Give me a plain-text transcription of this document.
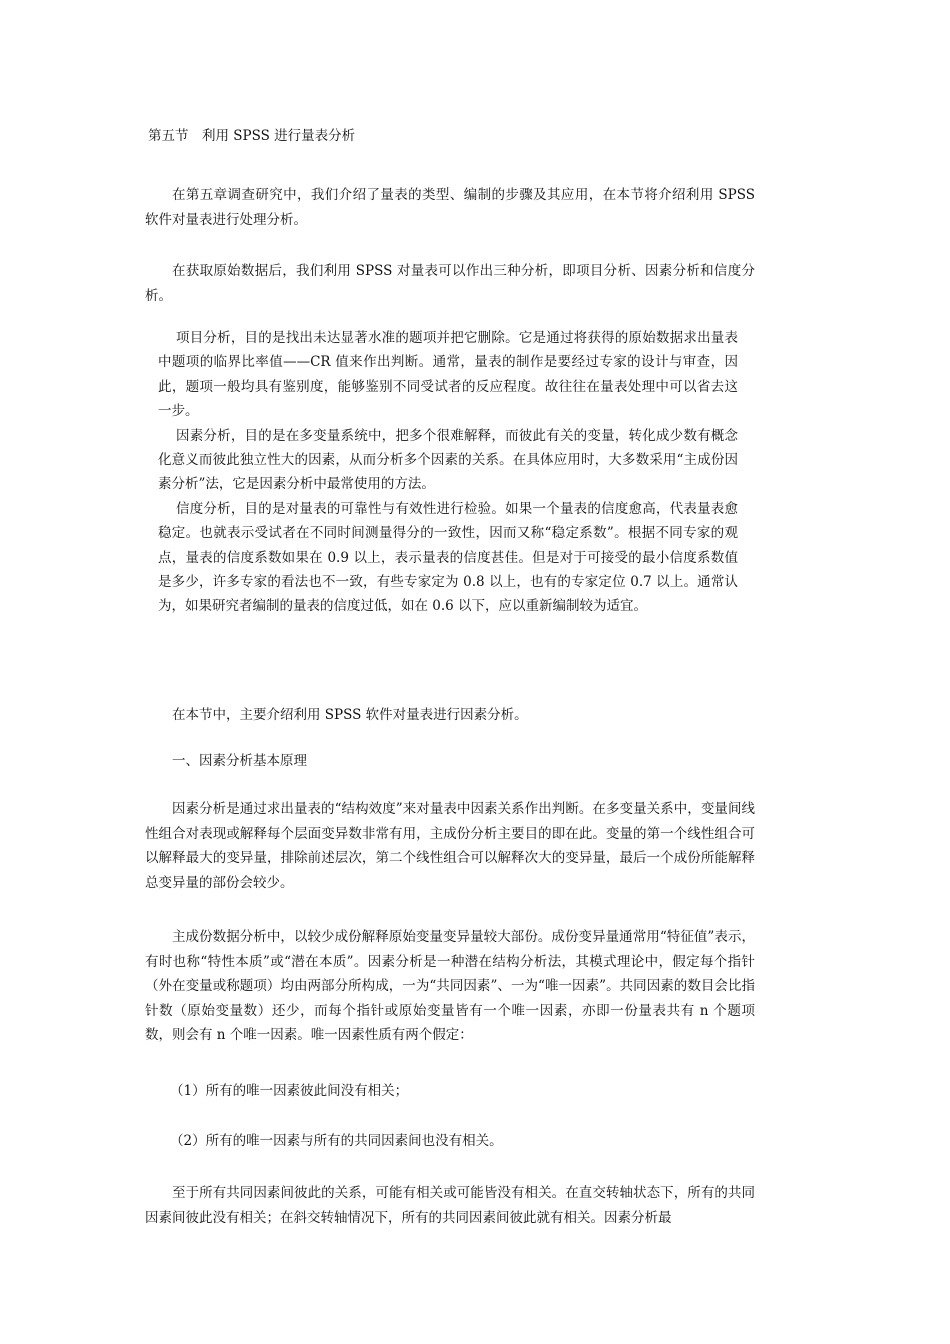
第五节　利用 SPSS 进行量表分析
在第五章调查研究中，我们介绍了量表的类型、编制的步骤及其应用，在本节将介绍利用 SPSS 软件对量表进行处理分析。
在获取原始数据后，我们利用 SPSS 对量表可以作出三种分析，即项目分析、因素分析和信度分析。

项目分析，目的是找出未达显著水准的题项并把它删除。它是通过将获得的原始数据求出量表中题项的临界比率值——CR 值来作出判断。通常，量表的制作是要经过专家的设计与审查，因此，题项一般均具有鉴别度，能够鉴别不同受试者的反应程度。故往往在量表处理中可以省去这一步。

因素分析，目的是在多变量系统中，把多个很难解释，而彼此有关的变量，转化成少数有概念化意义而彼此独立性大的因素，从而分析多个因素的关系。在具体应用时，大多数采用“主成份因素分析”法，它是因素分析中最常使用的方法。

信度分析，目的是对量表的可靠性与有效性进行检验。如果一个量表的信度愈高，代表量表愈稳定。也就表示受试者在不同时间测量得分的一致性，因而又称“稳定系数”。根据不同专家的观点，量表的信度系数如果在 0.9 以上，表示量表的信度甚佳。但是对于可接受的最小信度系数值是多少，许多专家的看法也不一致，有些专家定为 0.8 以上，也有的专家定位 0.7 以上。通常认为，如果研究者编制的量表的信度过低，如在 0.6 以下，应以重新编制较为适宜。

在本节中，主要介绍利用 SPSS 软件对量表进行因素分析。
一、因素分析基本原理
因素分析是通过求出量表的“结构效度”来对量表中因素关系作出判断。在多变量关系中，变量间线性组合对表现或解释每个层面变异数非常有用，主成份分析主要目的即在此。变量的第一个线性组合可以解释最大的变异量，排除前述层次，第二个线性组合可以解释次大的变异量，最后一个成份所能解释总变异量的部份会较少。
主成份数据分析中，以较少成份解释原始变量变异量较大部份。成份变异量通常用“特征值”表示，有时也称“特性本质”或“潜在本质”。因素分析是一种潜在结构分析法，其模式理论中，假定每个指针（外在变量或称题项）均由两部分所构成，一为“共同因素”、一为“唯一因素”。共同因素的数目会比指针数（原始变量数）还少，而每个指针或原始变量皆有一个唯一因素，亦即一份量表共有 n 个题项数，则会有 n 个唯一因素。唯一因素性质有两个假定：
（1）所有的唯一因素彼此间没有相关；
（2）所有的唯一因素与所有的共同因素间也没有相关。
至于所有共同因素间彼此的关系，可能有相关或可能皆没有相关。在直交转轴状态下，所有的共同因素间彼此没有相关；在斜交转轴情况下，所有的共同因素间彼此就有相关。因素分析最
